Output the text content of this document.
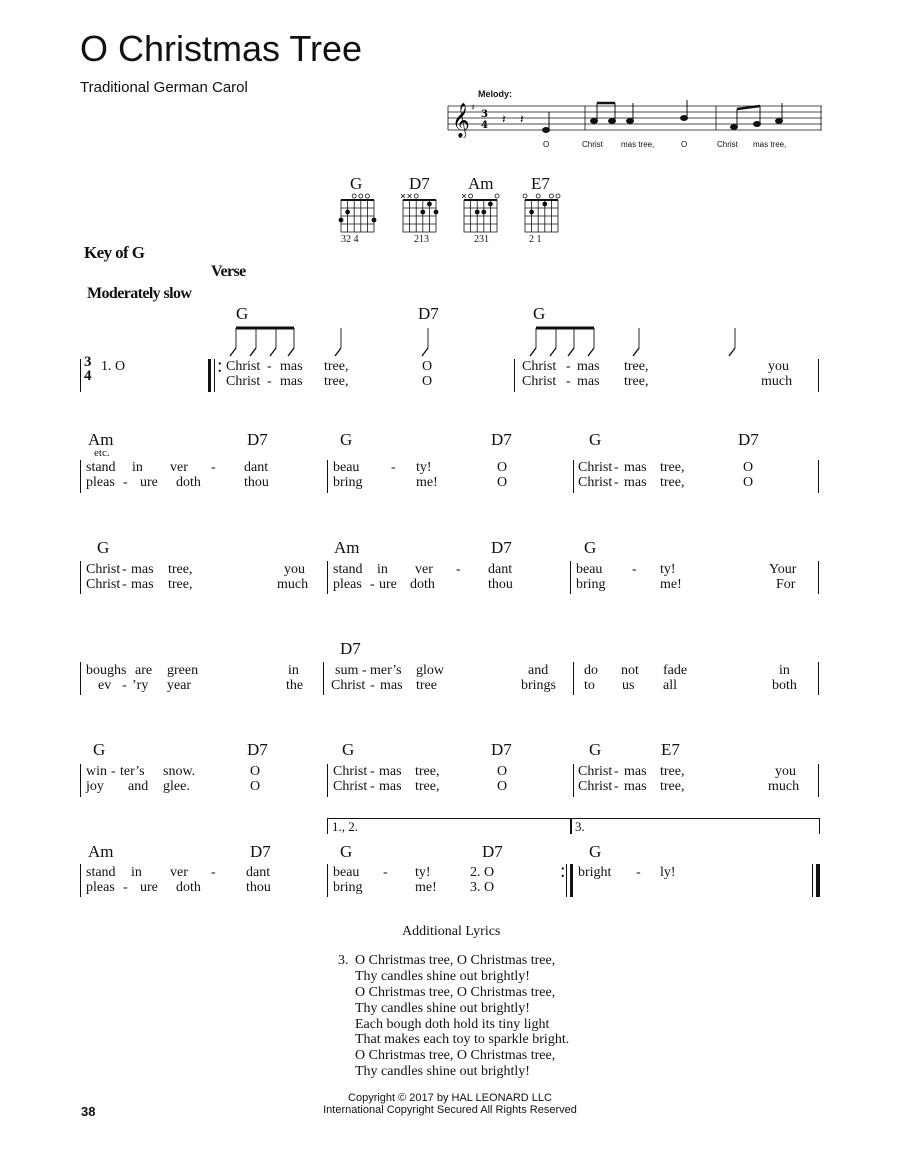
O Christmas Tree
Traditional German Carol	Melody:
𝄞 ♯
3
4 𝄽 𝄽
O	Christ mas tree,	O	Christ mas tree,
G	D7 Am E7
32 4	213	231	2 1
Key of G
Verse
Moderately slow
G	D7	G
3
4	:
1. O	Christ - mas tree,	O	Christ - mas tree,	you
Christ - mas tree,	O	Christ - mas tree,	much
Am
etc.
D7	G	D7	G	D7
stand in ver - dant	beau - ty!	O	Christ - mas tree,	O
pleas - ure doth	thou	bring	me!	O	Christ - mas tree,	O
G	Am	D7	G
Christ - mas tree,	you stand in ver - dant	beau - ty!	Your
Christ - mas tree,	much pleas - ure doth	thou	bring	me!	For
D7
boughs are green	in	sum - mer’s glow	and	do not fade	in
ev - ’ry year	the Christ - mas tree	brings to us all	both
G	D7	G	D7	G	E7
win - ter’s snow.	O	Christ - mas tree,	O	Christ - mas tree,	you
joy and glee.	O	Christ - mas tree,	O	Christ - mas tree,	much
1., 2.	3.
Am	D7	G	D7	G
:
stand in ver - dant	beau - ty!	2. O	bright - ly!
pleas - ure doth	thou	bring	me! 3. O
Additional Lyrics
3. O Christmas tree, O Christmas tree,
Thy candles shine out brightly!
O Christmas tree, O Christmas tree,
Thy candles shine out brightly!
Each bough doth hold its tiny light
That makes each toy to sparkle bright.
O Christmas tree, O Christmas tree,
Thy candles shine out brightly!
38
Copyright © 2017 by HAL LEONARD LLC
International Copyright Secured All Rights Reserved
